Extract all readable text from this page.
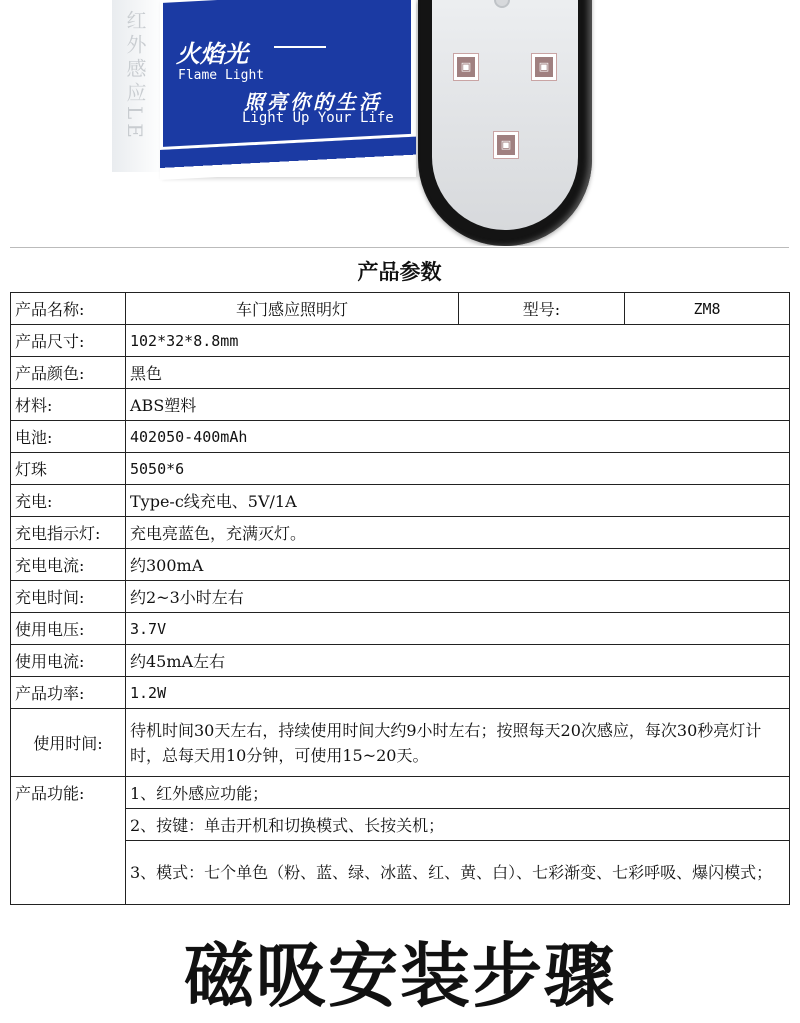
红外感应LE 火焰光
Flame Light
照亮你的生活
Light Up Your Life
▣	▣
▣
产品参数
产品名称:	车门感应照明灯	型号:	ZM8
产品尺寸:	102*32*8.8mm		
产品颜色:	黑色		
材料:	ABS塑料		
电池:	402050-400mAh		
灯珠	5050*6		
充电:	Type-c线充电、5V/1A		
充电指示灯:	充电亮蓝色，充满灭灯。		
充电电流:	约300mA		
充电时间:	约2~3小时左右		
使用电压:	3.7V		
使用电流:	约45mA左右		
产品功率:	1.2W		
使用时间:	待机时间30天左右，持续使用时间大约9小时左右；按照每天20次感应，每次30秒亮灯计时，总每天用10分钟，可使用15~20天。		
产品功能:	1、红外感应功能；		
	2、按键：单击开机和切换模式、长按关机；		
	3、模式：七个单色（粉、蓝、绿、冰蓝、红、黄、白）、七彩渐变、七彩呼吸、爆闪模式；		
磁吸安装步骤
